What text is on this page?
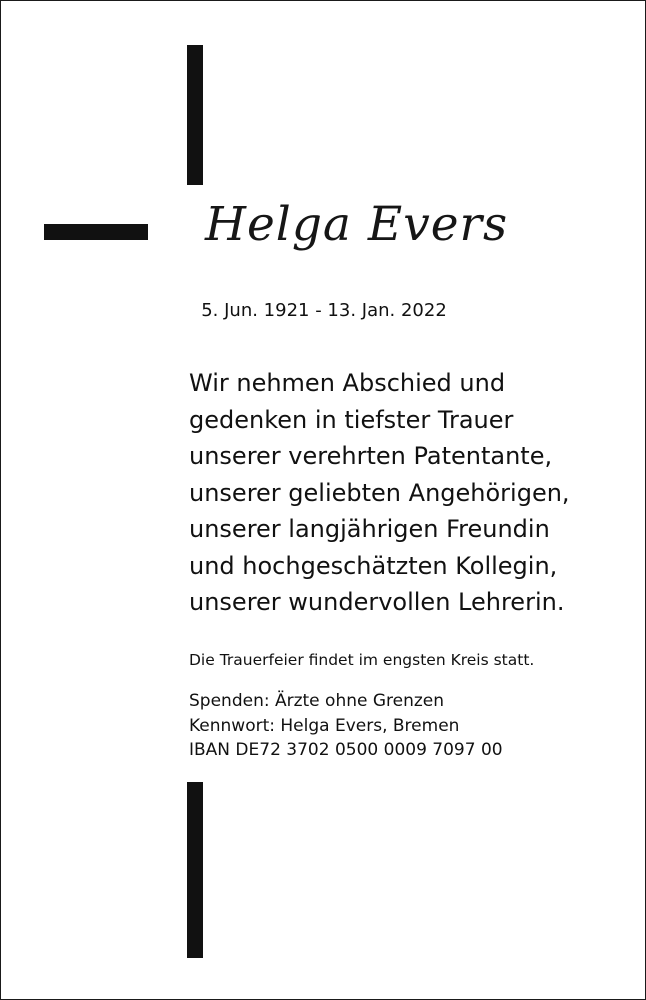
Helga Evers
5. Jun. 1921 - 13. Jan. 2022
Wir nehmen Abschied und
gedenken in tiefster Trauer
unserer verehrten Patentante,
unserer geliebten Angehörigen,
unserer langjährigen Freundin
und hochgeschätzten Kollegin,
unserer wundervollen Lehrerin.
Die Trauerfeier findet im engsten Kreis statt.
Spenden: Ärzte ohne Grenzen
Kennwort: Helga Evers, Bremen
IBAN DE72 3702 0500 0009 7097 00
